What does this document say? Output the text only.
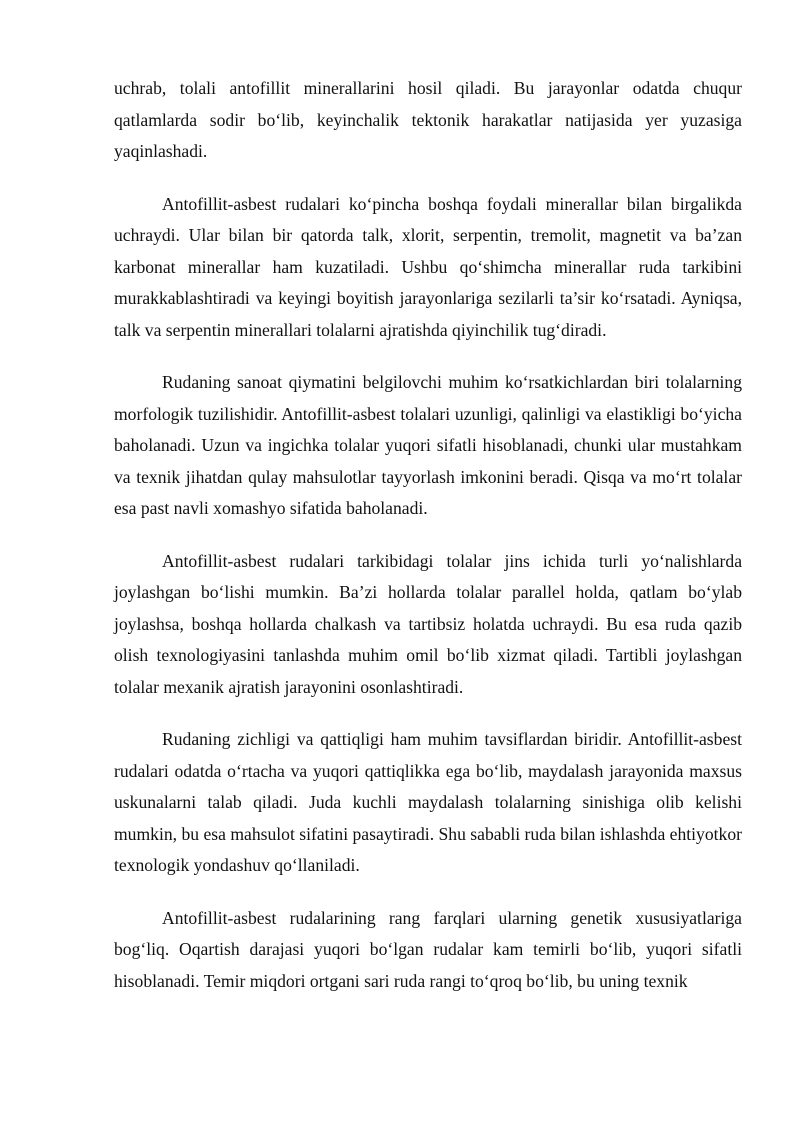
uchrab, tolali antofillit minerallarini hosil qiladi. Bu jarayonlar odatda chuqur qatlamlarda sodir bo‘lib, keyinchalik tektonik harakatlar natijasida yer yuzasiga yaqinlashadi.

Antofillit-asbest rudalari ko‘pincha boshqa foydali minerallar bilan birgalikda uchraydi. Ular bilan bir qatorda talk, xlorit, serpentin, tremolit, magnetit va ba’zan karbonat minerallar ham kuzatiladi. Ushbu qo‘shimcha minerallar ruda tarkibini murakkablashtiradi va keyingi boyitish jarayonlariga sezilarli ta’sir ko‘rsatadi. Ayniqsa, talk va serpentin minerallari tolalarni ajratishda qiyinchilik tug‘diradi.

Rudaning sanoat qiymatini belgilovchi muhim ko‘rsatkichlardan biri tolalarning morfologik tuzilishidir. Antofillit-asbest tolalari uzunligi, qalinligi va elastikligi bo‘yicha baholanadi. Uzun va ingichka tolalar yuqori sifatli hisoblanadi, chunki ular mustahkam va texnik jihatdan qulay mahsulotlar tayyorlash imkonini beradi. Qisqa va mo‘rt tolalar esa past navli xomashyo sifatida baholanadi.

Antofillit-asbest rudalari tarkibidagi tolalar jins ichida turli yo‘nalishlarda joylashgan bo‘lishi mumkin. Ba’zi hollarda tolalar parallel holda, qatlam bo‘ylab joylashsa, boshqa hollarda chalkash va tartibsiz holatda uchraydi. Bu esa ruda qazib olish texnologiyasini tanlashda muhim omil bo‘lib xizmat qiladi. Tartibli joylashgan tolalar mexanik ajratish jarayonini osonlashtiradi.

Rudaning zichligi va qattiqligi ham muhim tavsiflardan biridir. Antofillit-asbest rudalari odatda o‘rtacha va yuqori qattiqlikka ega bo‘lib, maydalash jarayonida maxsus uskunalarni talab qiladi. Juda kuchli maydalash tolalarning sinishiga olib kelishi mumkin, bu esa mahsulot sifatini pasaytiradi. Shu sababli ruda bilan ishlashda ehtiyotkor texnologik yondashuv qo‘llaniladi.

Antofillit-asbest rudalarining rang farqlari ularning genetik xususiyatlariga bog‘liq. Oqartish darajasi yuqori bo‘lgan rudalar kam temirli bo‘lib, yuqori sifatli hisoblanadi. Temir miqdori ortgani sari ruda rangi to‘qroq bo‘lib, bu uning texnik
